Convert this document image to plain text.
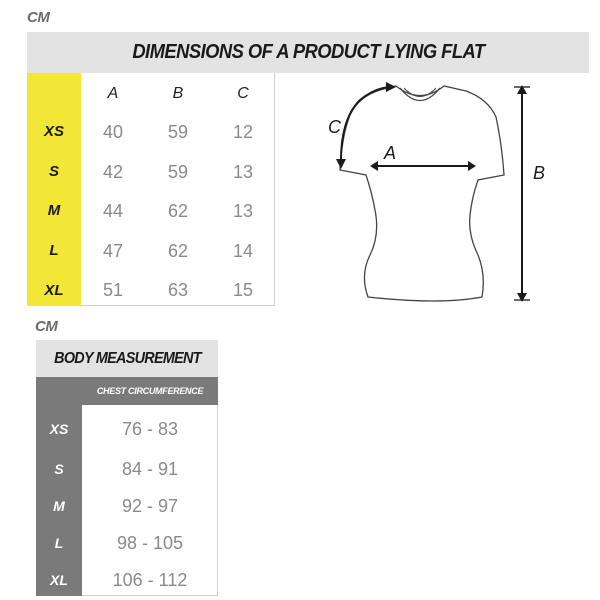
CM
DIMENSIONS OF A PRODUCT LYING FLAT
A	B	C
XS	40	59	12
S	42	59	13
M	44	62	13
L	47	62	14
XL	51	63	15
C
A
B
CM
BODY MEASUREMENT
CHEST CIRCUMFERENCE
XS	76 - 83
S	84 - 91
M	92 - 97
L	98 - 105
XL	106 - 112
